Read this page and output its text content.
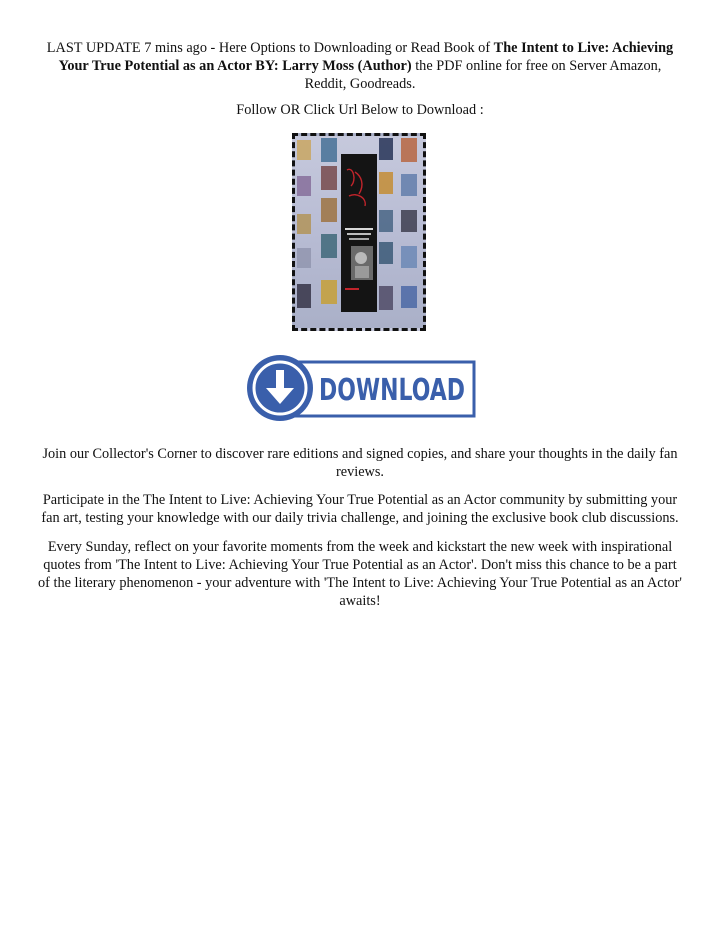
LAST UPDATE 7 mins ago - Here Options to Downloading or Read Book of The Intent to Live: Achieving Your True Potential as an Actor BY: Larry Moss (Author) the PDF online for free on Server Amazon, Reddit, Goodreads.

Follow OR Click Url Below to Download :

DOWNLOAD

Join our Collector's Corner to discover rare editions and signed copies, and share your thoughts in the daily fan reviews.

Participate in the The Intent to Live: Achieving Your True Potential as an Actor community by submitting your fan art, testing your knowledge with our daily trivia challenge, and joining the exclusive book club discussions.

Every Sunday, reflect on your favorite moments from the week and kickstart the new week with inspirational quotes from 'The Intent to Live: Achieving Your True Potential as an Actor'. Don't miss this chance to be a part of the literary phenomenon - your adventure with 'The Intent to Live: Achieving Your True Potential as an Actor' awaits!
